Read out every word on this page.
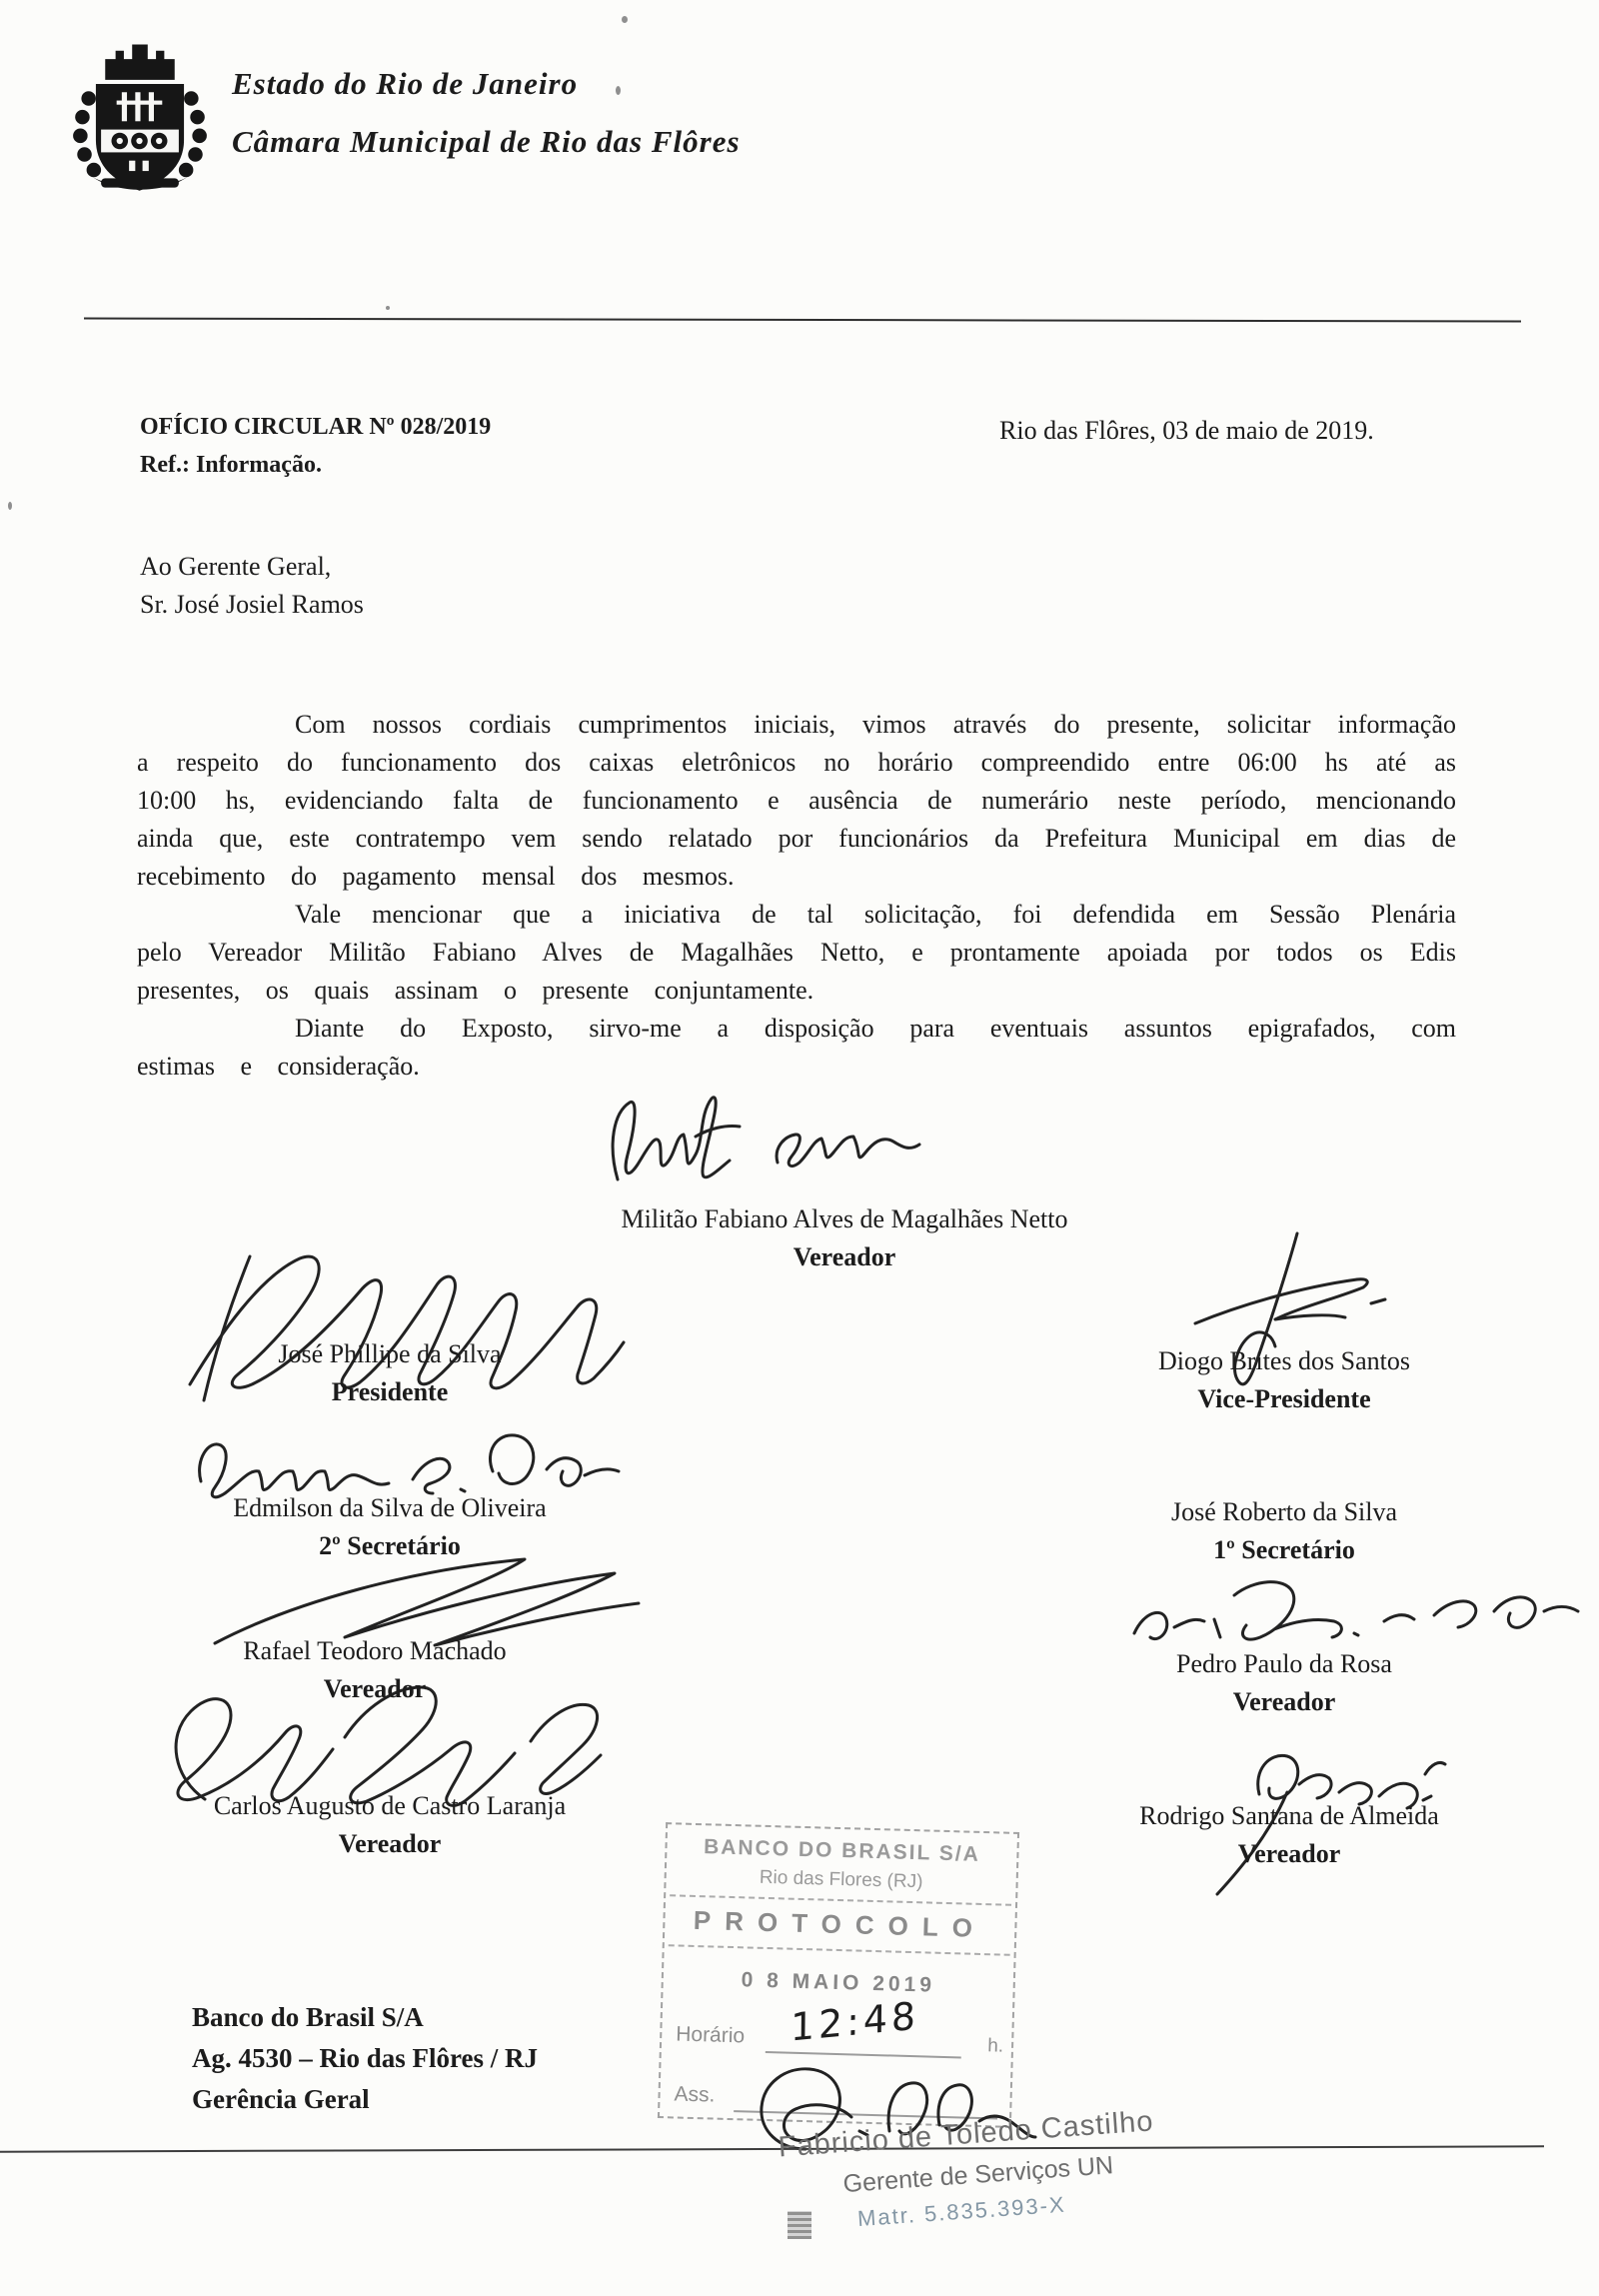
Estado do Rio de Janeiro
Câmara Municipal de Rio das Flôres
OFÍCIO CIRCULAR Nº 028/2019
Ref.: Informação.
Rio das Flôres, 03 de maio de 2019.
Ao Gerente Geral,
Sr. José Josiel Ramos

Com nossos cordiais cumprimentos iniciais, vimos através do presente, solicitar informação a respeito do funcionamento dos caixas eletrônicos no horário compreendido entre 06:00 hs até as 10:00 hs, evidenciando falta de funcionamento e ausência de numerário neste período, mencionando ainda que, este contratempo vem sendo relatado por funcionários da Prefeitura Municipal em dias de recebimento do pagamento mensal dos mesmos.

Vale mencionar que a iniciativa de tal solicitação, foi defendida em Sessão Plenária pelo Vereador Militão Fabiano Alves de Magalhães Netto, e prontamente apoiada por todos os Edis presentes, os quais assinam o presente conjuntamente.

Diante do Exposto, sirvo-me a disposição para eventuais assuntos epigrafados, com estimas e consideração.

Militão Fabiano Alves de Magalhães Netto
Vereador
José Phillipe da Silva
Presidente
Diogo Brites dos Santos
Vice-Presidente
Edmilson da Silva de Oliveira
2º Secretário
José Roberto da Silva
1º Secretário
Rafael Teodoro Machado
Vereador
Pedro Paulo da Rosa
Vereador
Carlos Augusto de Castro Laranja
Vereador
Rodrigo Santana de Almeida
Vereador
Banco do Brasil S/A
Ag. 4530 – Rio das Flôres / RJ
Gerência Geral
BANCO DO BRASIL S/A
Rio das Flores (RJ)
PROTOCOLO
0 8 MAIO 2019
Horário	h.
12:48
Ass.
Fabricio de Toledo Castilho
Gerente de Serviços UN
Matr. 5.835.393-X
